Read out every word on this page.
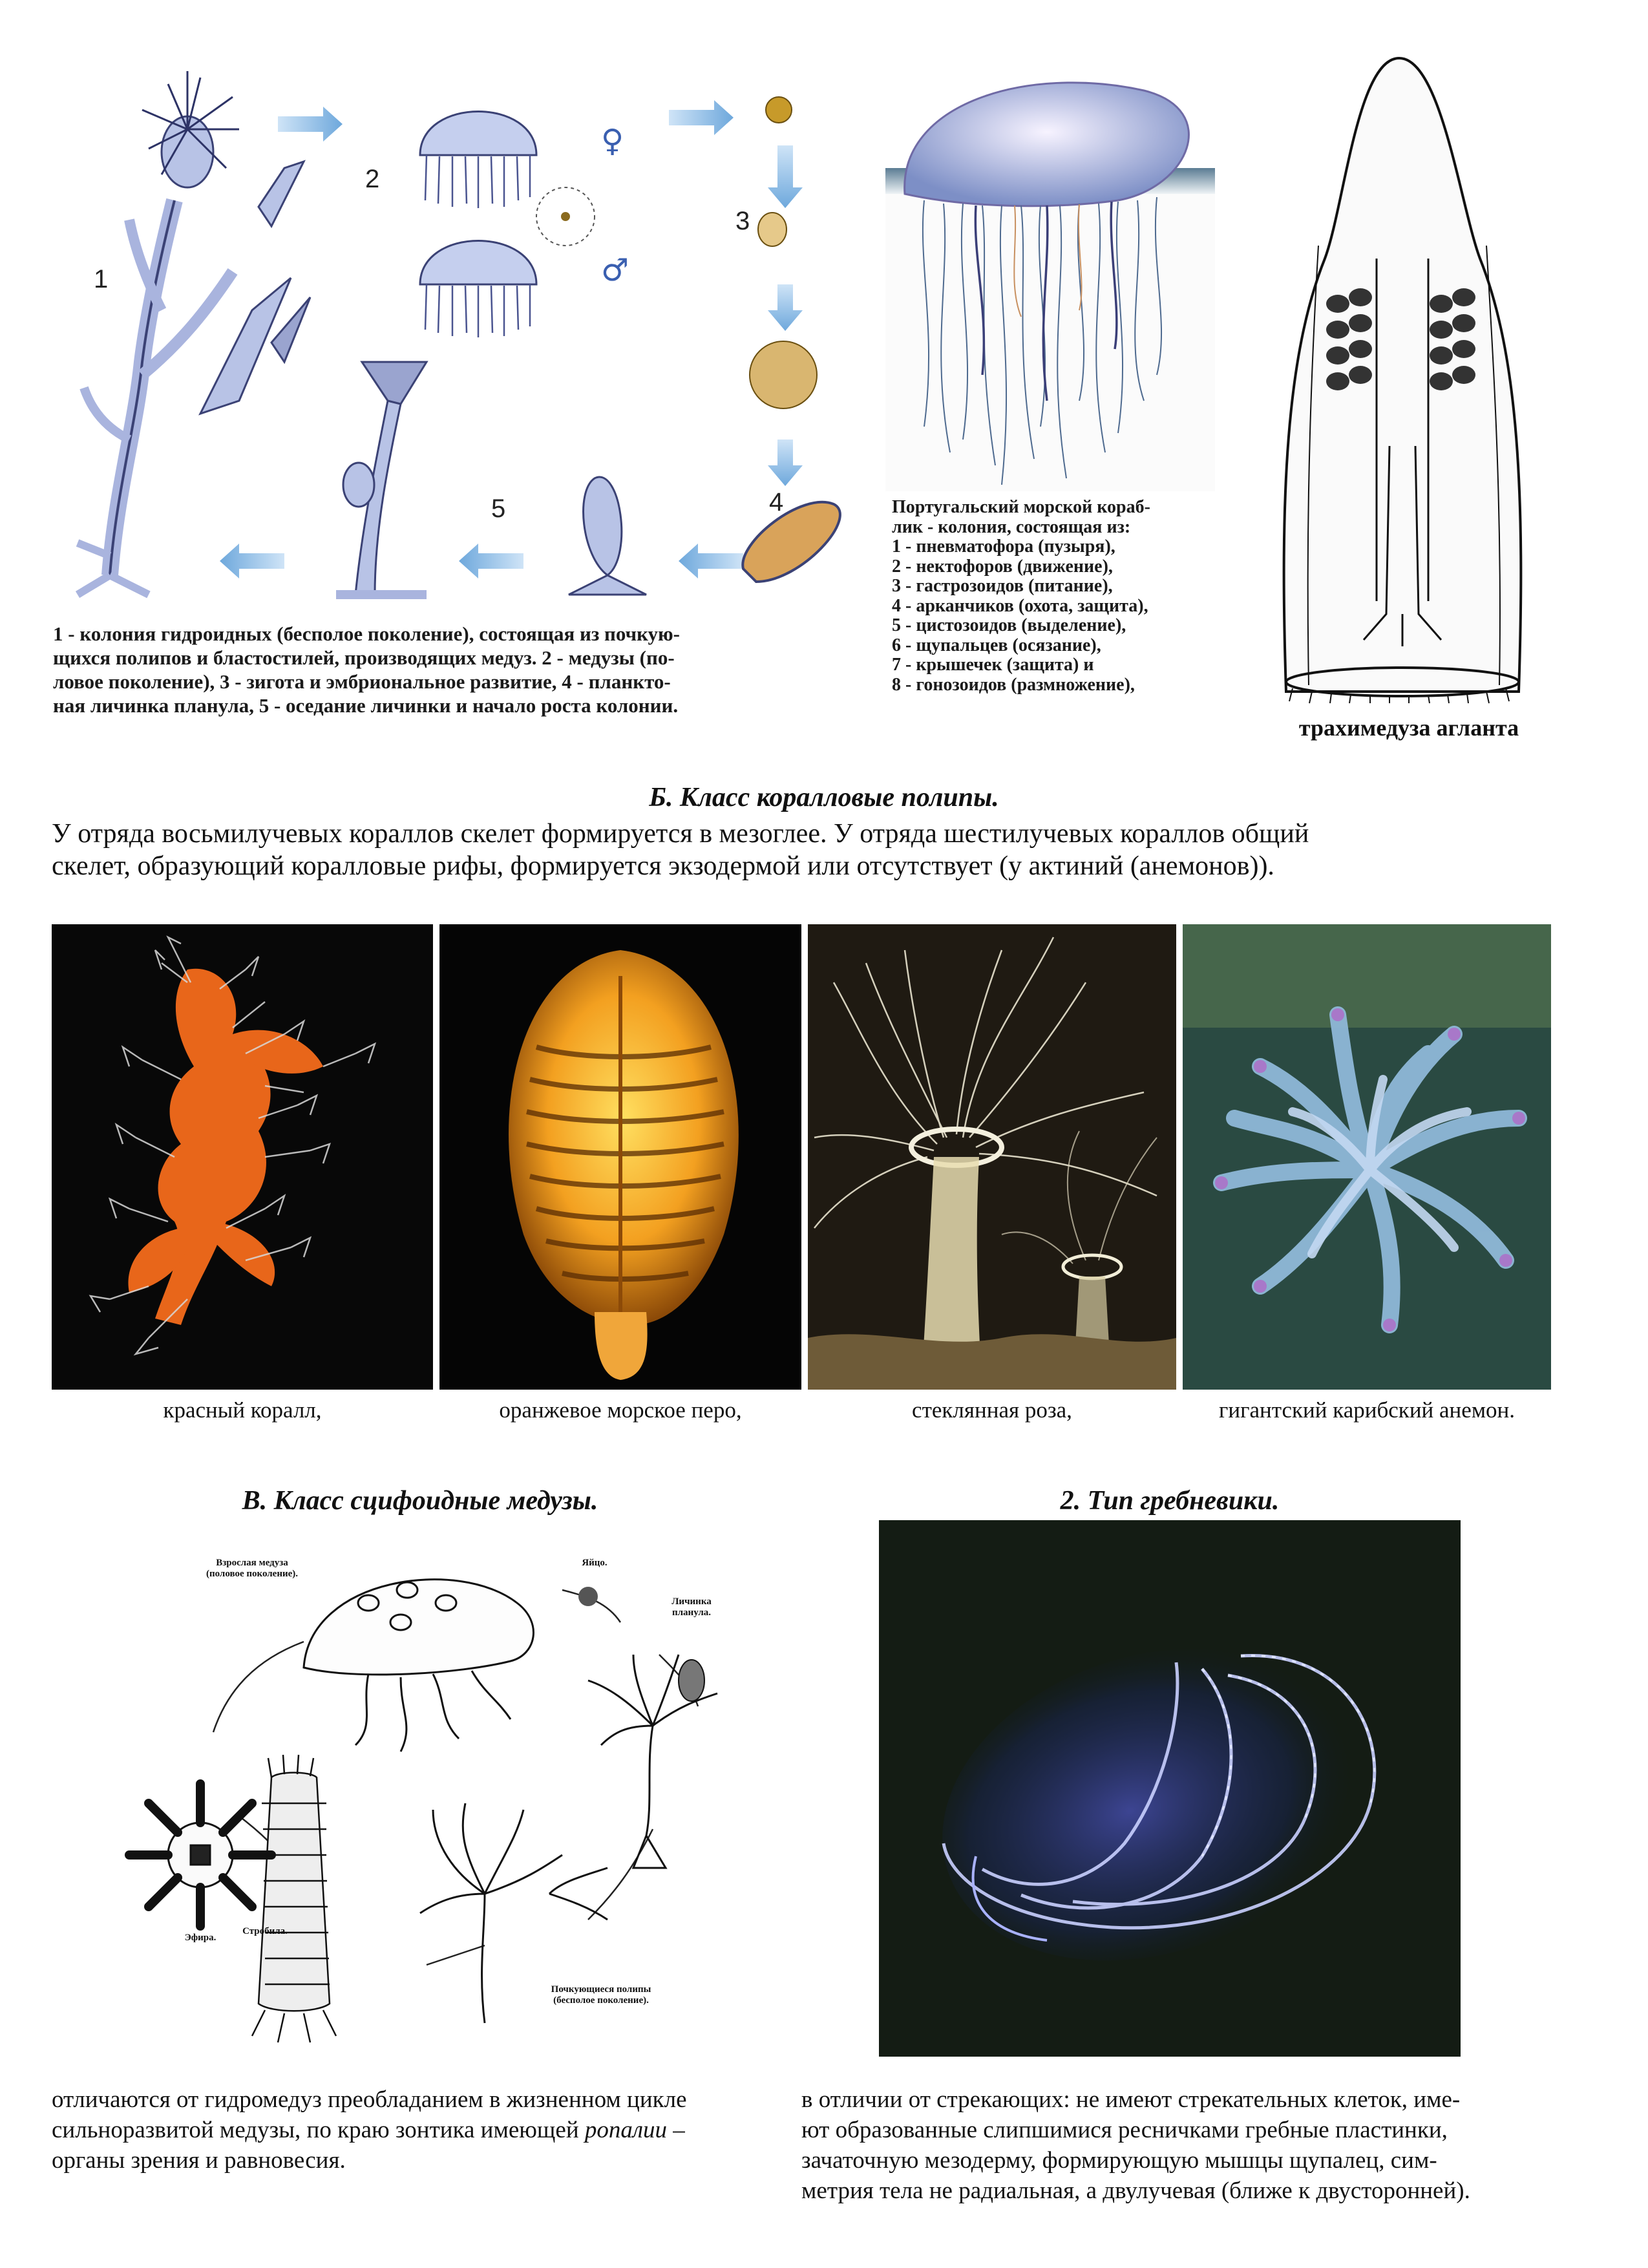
1
2
3
4
5
♀
♂
1 - колония гидроидных (бесполое поколение), состоящая из почкую-
щихся полипов и бластостилей, производящих медуз. 2 - медузы (по-
ловое поколение), 3 - зигота и эмбриональное развитие, 4 - планкто-
ная личинка планула, 5 - оседание личинки и начало роста колонии.
Португальский морской кораб-
лик - колония, состоящая из:
1 - пневматофора (пузыря),
2 - нектофоров (движение),
3 - гастрозоидов (питание),
4 - арканчиков (охота, защита),
5 - цистозоидов (выделение),
6 - щупальцев (осязание),
7 - крышечек (защита) и
8 - гонозоидов (размножение),
трахимедуза агланта
Б. Класс коралловые полипы.
У отряда восьмилучевых кораллов скелет формируется в мезоглее. У отряда шестилучевых кораллов общий
скелет, образующий коралловые рифы, формируется экзодермой или отсутствует (у актиний (анемонов)).
красный коралл,	оранжевое морское перо,	стеклянная роза,	гигантский карибский анемон.
В. Класс сцифоидные медузы.
Взрослая медуза
(половое поколение).
Яйцо.
Личинка
планула.
Эфира.
Стробила.
Почкующиеся полипы
(бесполое поколение).
отличаются от гидромедуз преобладанием в жизненном цикле
сильноразвитой медузы, по краю зонтика имеющей ропалии –
органы зрения и равновесия.
2. Тип гребневики.
в отличии от стрекающих: не имеют стрекательных клеток, име-
ют образованные слипшимися ресничками гребные пластинки,
зачаточную мезодерму, формирующую мышцы щупалец, сим-
метрия тела не радиальная, а двулучевая (ближе к двусторонней).
